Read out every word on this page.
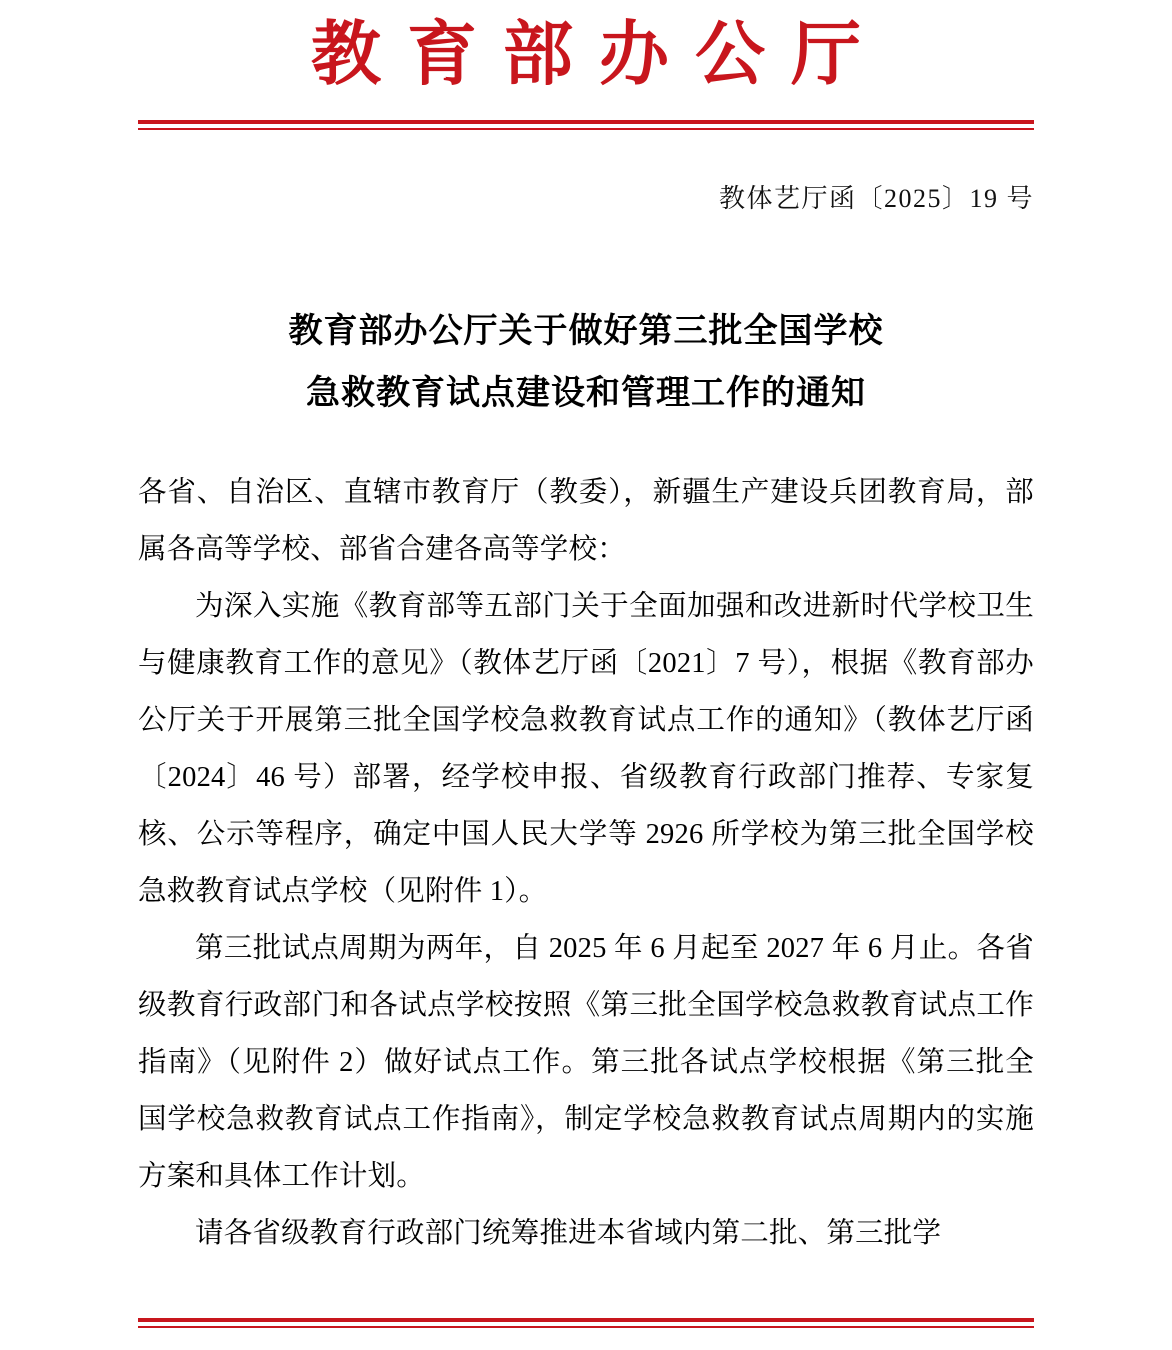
教育部办公厅
教体艺厅函〔2025〕19 号
教育部办公厅关于做好第三批全国学校
急救教育试点建设和管理工作的通知

各省、自治区、直辖市教育厅（教委），新疆生产建设兵团教育局，部属各高等学校、部省合建各高等学校：

为深入实施《教育部等五部门关于全面加强和改进新时代学校卫生与健康教育工作的意见》（教体艺厅函〔2021〕7 号），根据《教育部办公厅关于开展第三批全国学校急救教育试点工作的通知》（教体艺厅函〔2024〕46 号）部署，经学校申报、省级教育行政部门推荐、专家复核、公示等程序，确定中国人民大学等 2926 所学校为第三批全国学校急救教育试点学校（见附件 1）。

第三批试点周期为两年，自 2025 年 6 月起至 2027 年 6 月止。各省级教育行政部门和各试点学校按照《第三批全国学校急救教育试点工作指南》（见附件 2）做好试点工作。第三批各试点学校根据《第三批全国学校急救教育试点工作指南》，制定学校急救教育试点周期内的实施方案和具体工作计划。

请各省级教育行政部门统筹推进本省域内第二批、第三批学
